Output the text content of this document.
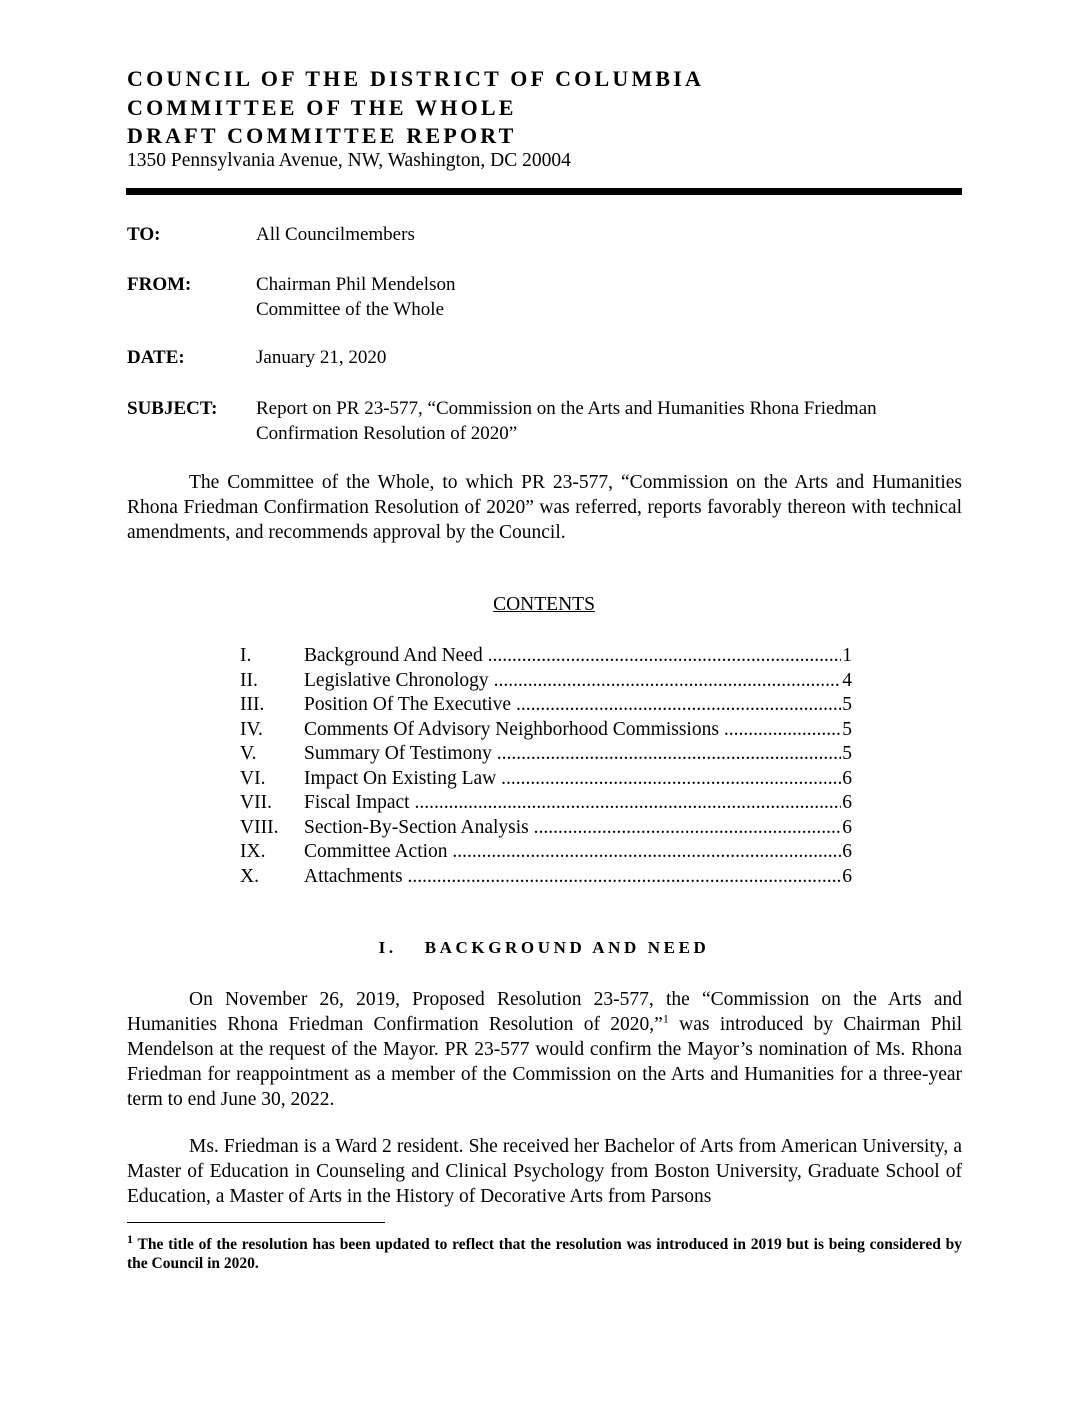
COUNCIL OF THE DISTRICT OF COLUMBIA
COMMITTEE OF THE WHOLE
DRAFT COMMITTEE REPORT
1350 Pennsylvania Avenue, NW, Washington, DC 20004
TO:	All Councilmembers
FROM:	Chairman Phil Mendelson
Committee of the Whole
DATE:	January 21, 2020
SUBJECT: Report on PR 23-577, “Commission on the Arts and Humanities Rhona Friedman Confirmation Resolution of 2020”
The Committee of the Whole, to which PR 23-577, “Commission on the Arts and Humanities Rhona Friedman Confirmation Resolution of 2020” was referred, reports favorably thereon with technical amendments, and recommends approval by the Council.
CONTENTS
I.	Background And Need .....	1
II. Legislative Chronology .....	4
III. Position Of The Executive .....	5
IV. Comments Of Advisory Neighborhood Commissions .....	5
V. Summary Of Testimony .....	5
VI. Impact On Existing Law .....	6
VII. Fiscal Impact .....	6
VIII. Section-By-Section Analysis .....	6
IX. Committee Action .....	6
X. Attachments .....	6
I. BACKGROUND AND NEED
On November 26, 2019, Proposed Resolution 23-577, the “Commission on the Arts and Humanities Rhona Friedman Confirmation Resolution of 2020,”$^1$ was introduced by Chairman Phil Mendelson at the request of the Mayor. PR 23-577 would confirm the Mayor’s nomination of Ms. Rhona Friedman for reappointment as a member of the Commission on the Arts and Humanities for a three-year term to end June 30, 2022.
Ms. Friedman is a Ward 2 resident. She received her Bachelor of Arts from American University, a Master of Education in Counseling and Clinical Psychology from Boston University, Graduate School of Education, a Master of Arts in the History of Decorative Arts from Parsons
$^1$ The title of the resolution has been updated to reflect that the resolution was introduced in 2019 but is being considered by the Council in 2020.
